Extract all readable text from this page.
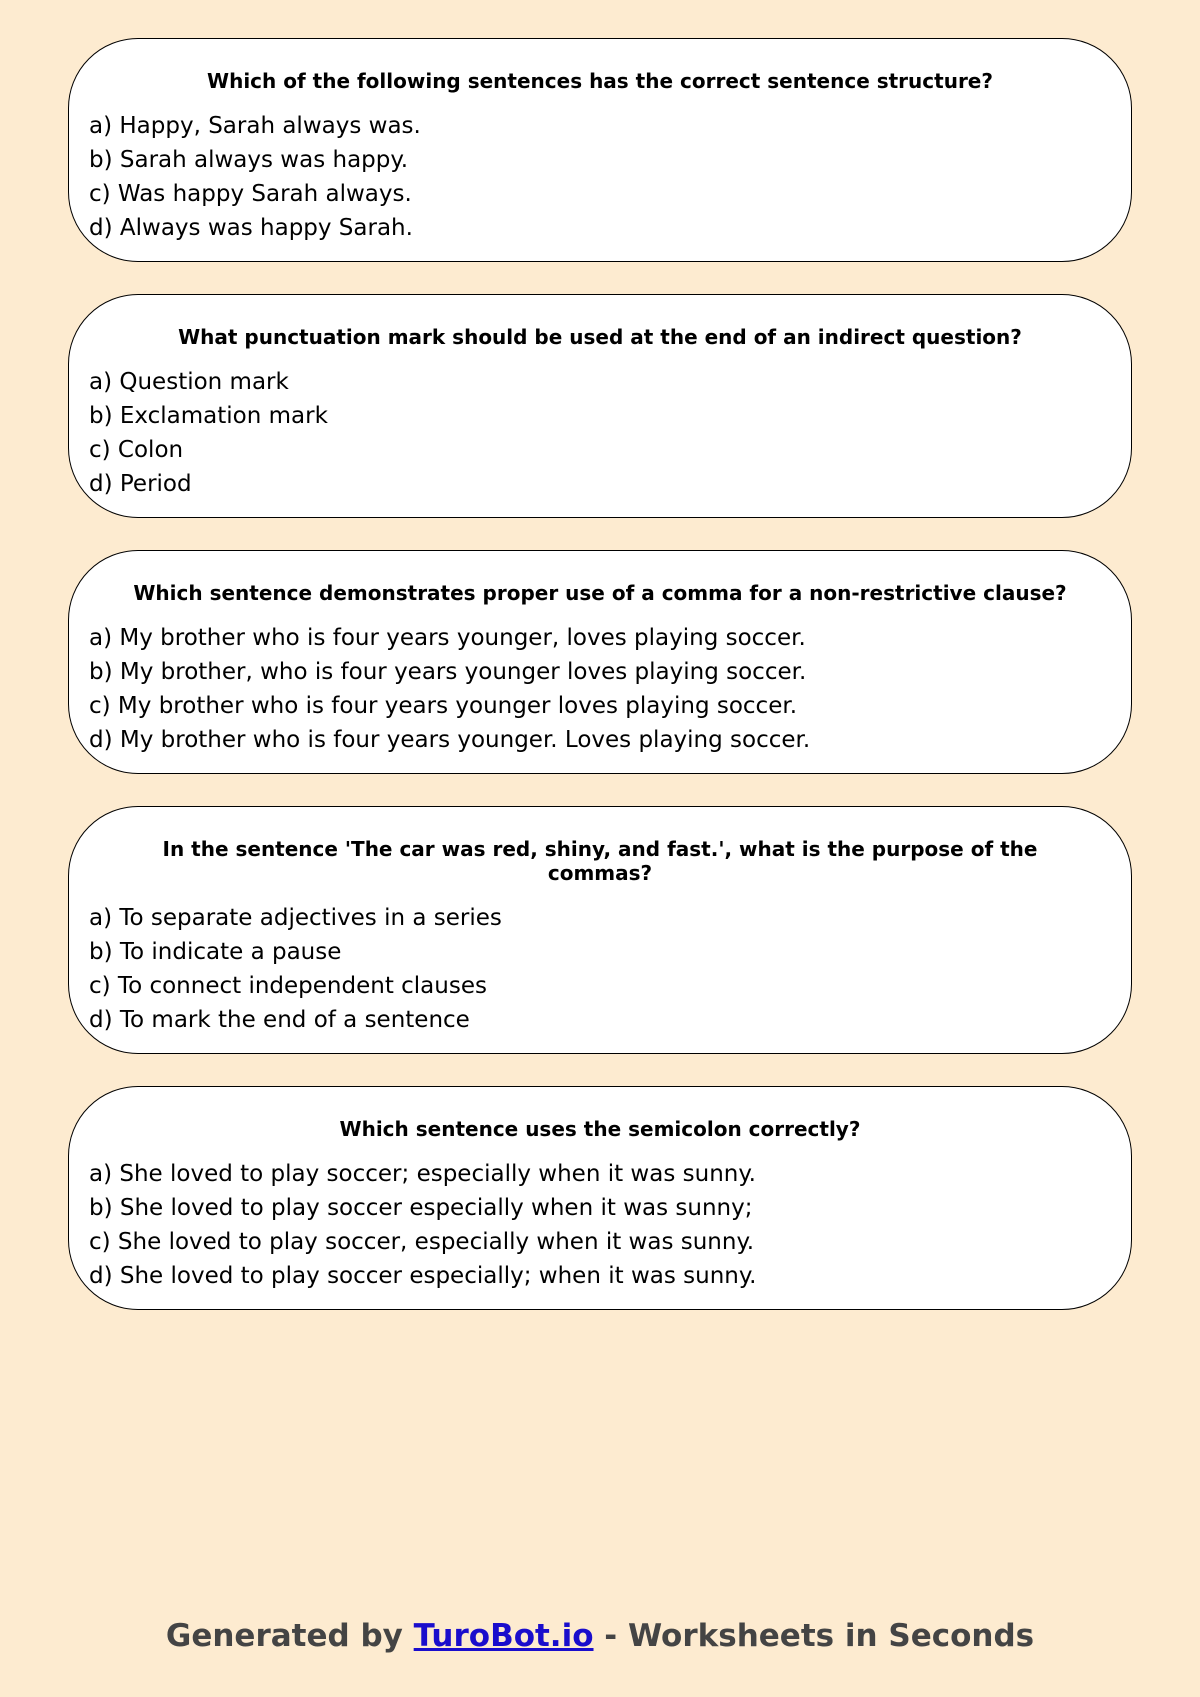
Which of the following sentences has the correct sentence structure?
a) Happy, Sarah always was.
b) Sarah always was happy.
c) Was happy Sarah always.
d) Always was happy Sarah.
What punctuation mark should be used at the end of an indirect question?
a) Question mark
b) Exclamation mark
c) Colon
d) Period
Which sentence demonstrates proper use of a comma for a non-restrictive clause?
a) My brother who is four years younger, loves playing soccer.
b) My brother, who is four years younger loves playing soccer.
c) My brother who is four years younger loves playing soccer.
d) My brother who is four years younger. Loves playing soccer.
In the sentence 'The car was red, shiny, and fast.', what is the purpose of the commas?
a) To separate adjectives in a series
b) To indicate a pause
c) To connect independent clauses
d) To mark the end of a sentence
Which sentence uses the semicolon correctly?
a) She loved to play soccer; especially when it was sunny.
b) She loved to play soccer especially when it was sunny;
c) She loved to play soccer, especially when it was sunny.
d) She loved to play soccer especially; when it was sunny.
Generated by TuroBot.io - Worksheets in Seconds
